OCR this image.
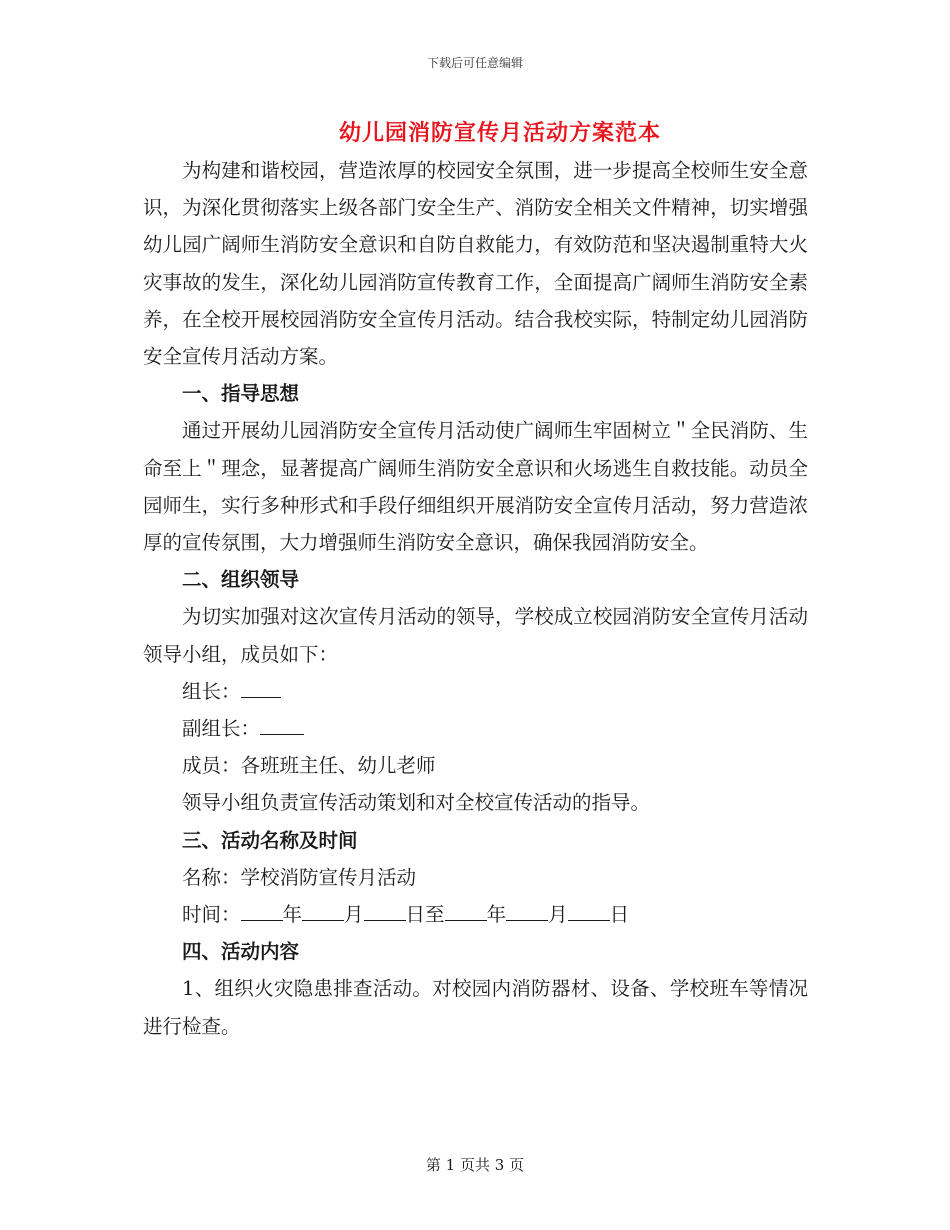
下载后可任意编辑
幼儿园消防宣传月活动方案范本

为构建和谐校园，营造浓厚的校园安全氛围，进一步提高全校师生安全意识，为深化贯彻落实上级各部门安全生产、消防安全相关文件精神，切实增强幼儿园广阔师生消防安全意识和自防自救能力，有效防范和坚决遏制重特大火灾事故的发生，深化幼儿园消防宣传教育工作，全面提高广阔师生消防安全素养，在全校开展校园消防安全宣传月活动。结合我校实际，特制定幼儿园消防安全宣传月活动方案。

一、指导思想

通过开展幼儿园消防安全宣传月活动使广阔师生牢固树立＂全民消防、生命至上＂理念，显著提高广阔师生消防安全意识和火场逃生自救技能。动员全园师生，实行多种形式和手段仔细组织开展消防安全宣传月活动，努力营造浓厚的宣传氛围，大力增强师生消防安全意识，确保我园消防安全。

二、组织领导

为切实加强对这次宣传月活动的领导，学校成立校园消防安全宣传月活动领导小组，成员如下：

组长：

副组长：

成员：各班班主任、幼儿老师

领导小组负责宣传活动策划和对全校宣传活动的指导。

三、活动名称及时间

名称：学校消防宣传月活动

时间： 年 月 日至 年 月 日

四、活动内容

1、组织火灾隐患排查活动。对校园内消防器材、设备、学校班车等情况进行检查。

第 1 页共 3 页
